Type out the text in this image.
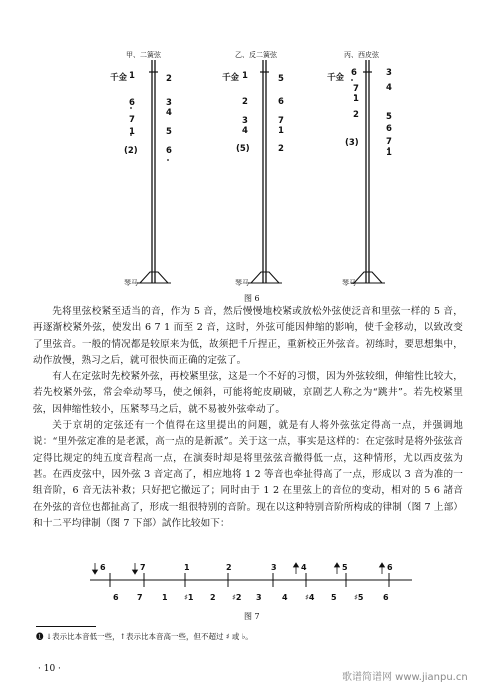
甲、二簧弦
千金 1
6
7
1
(2)
2
3
4
5
6
琴马
乙、反二簧弦
千金 1
2
3
4
(5)
5
6
7
1
2
琴马
丙、西皮弦
千金 6
7
1
2
(3)
3
4
5
6
7
1
琴马
图 6

先将里弦校紧至适当的音，作为 5 音，然后慢慢地校紧或放松外弦使泛音和里弦一样的 5 音，再逐渐校紧外弦，使发出 6 7 1 而至 2 音，这时，外弦可能因伸缩的影响，使千金移动，以致改变了里弦音。一般的情况都是较原来为低，故须把千斤捏正，重新校正外弦音。初练时，要思想集中，动作放慢，熟习之后，就可很快而正确的定弦了。

有人在定弦时先校紧外弦，再校紧里弦，这是一个不好的习惯，因为外弦较细，伸缩性比较大，若先校紧外弦，常会牵动琴马，使之倾斜，可能将蛇皮刷破，京剧艺人称之为“跳井”。若先校紧里弦，因伸缩性较小，压紧琴马之后，就不易被外弦牵动了。

关于京胡的定弦还有一个值得在这里提出的问题，就是有人将外弦弦定得高一点，并强调地说：“里外弦定准的是老派，高一点的是新派”。关于这一点，事实是这样的：在定弦时是将外弦弦音定得比规定的纯五度音程高一点，在演奏时却是将里弦弦音撤得低一点，这种情形，尤以西皮弦为甚。在西皮弦中，因外弦 3 音定高了，相应地将 1 2 等音也牵扯得高了一点，形成以 3 音为准的一组音阶，6 音无法补救；只好把它撤远了；同时由于 1 2 在里弦上的音位的变动，相对的 5 6 諸音在外弦的音位也都扯高了，形成一组很特别的音阶。现在以这种特别音阶所构成的律制（图 7 上部）和十二平均律制（图 7 下部）試作比较如下：

6	7	1	2	3	4	5	6
6 7 1 ♯1 2 ♯2 3	4 ♯4 5 ♯5 6
图 7
❶ ↓表示比本音低一些，↑表示比本音高一些，但不超过 ♯ 或 ♭。
· 10 ·
歌谱简谱网 www.jianpu.cn
